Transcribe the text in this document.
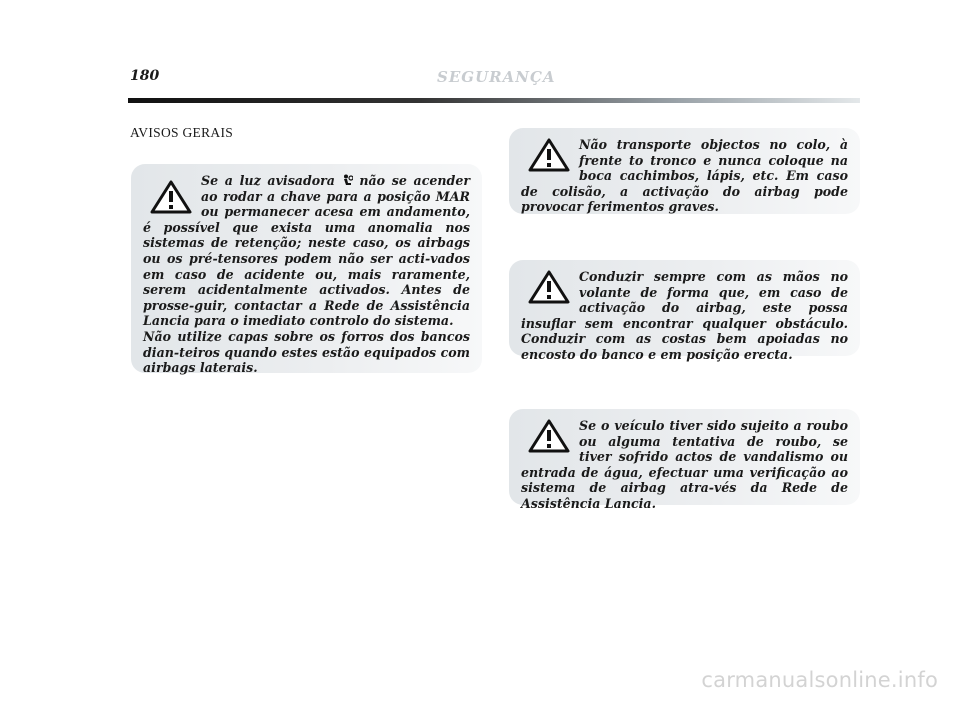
180	SEGURANÇA
AVISOS GERAIS
Se a luz avisadora não se acender ao rodar a chave para a posição MAR ou permanecer acesa em andamento, é possível que exista uma anomalia nos sistemas de retenção; neste caso, os airbags ou os pré-tensores podem não ser acti-vados em caso de acidente ou, mais raramente, serem acidentalmente activados. Antes de prosse-guir, contactar a Rede de Assistência Lancia para o imediato controlo do sistema.
Não utilize capas sobre os forros dos bancos dian-teiros quando estes estão equipados com airbags laterais.
Não transporte objectos no colo, à frente to tronco e nunca coloque na boca cachimbos, lápis, etc. Em caso de colisão, a activação do airbag pode provocar ferimentos graves.
Conduzir sempre com as mãos no volante de forma que, em caso de activação do airbag, este possa insuflar sem encontrar qualquer obstáculo. Conduzir com as costas bem apoiadas no encosto do banco e em posição erecta.
Se o veículo tiver sido sujeito a roubo ou alguma tentativa de roubo, se tiver sofrido actos de vandalismo ou entrada de água, efectuar uma verificação ao sistema de airbag atra-vés da Rede de Assistência Lancia.
carmanualsonline.info
